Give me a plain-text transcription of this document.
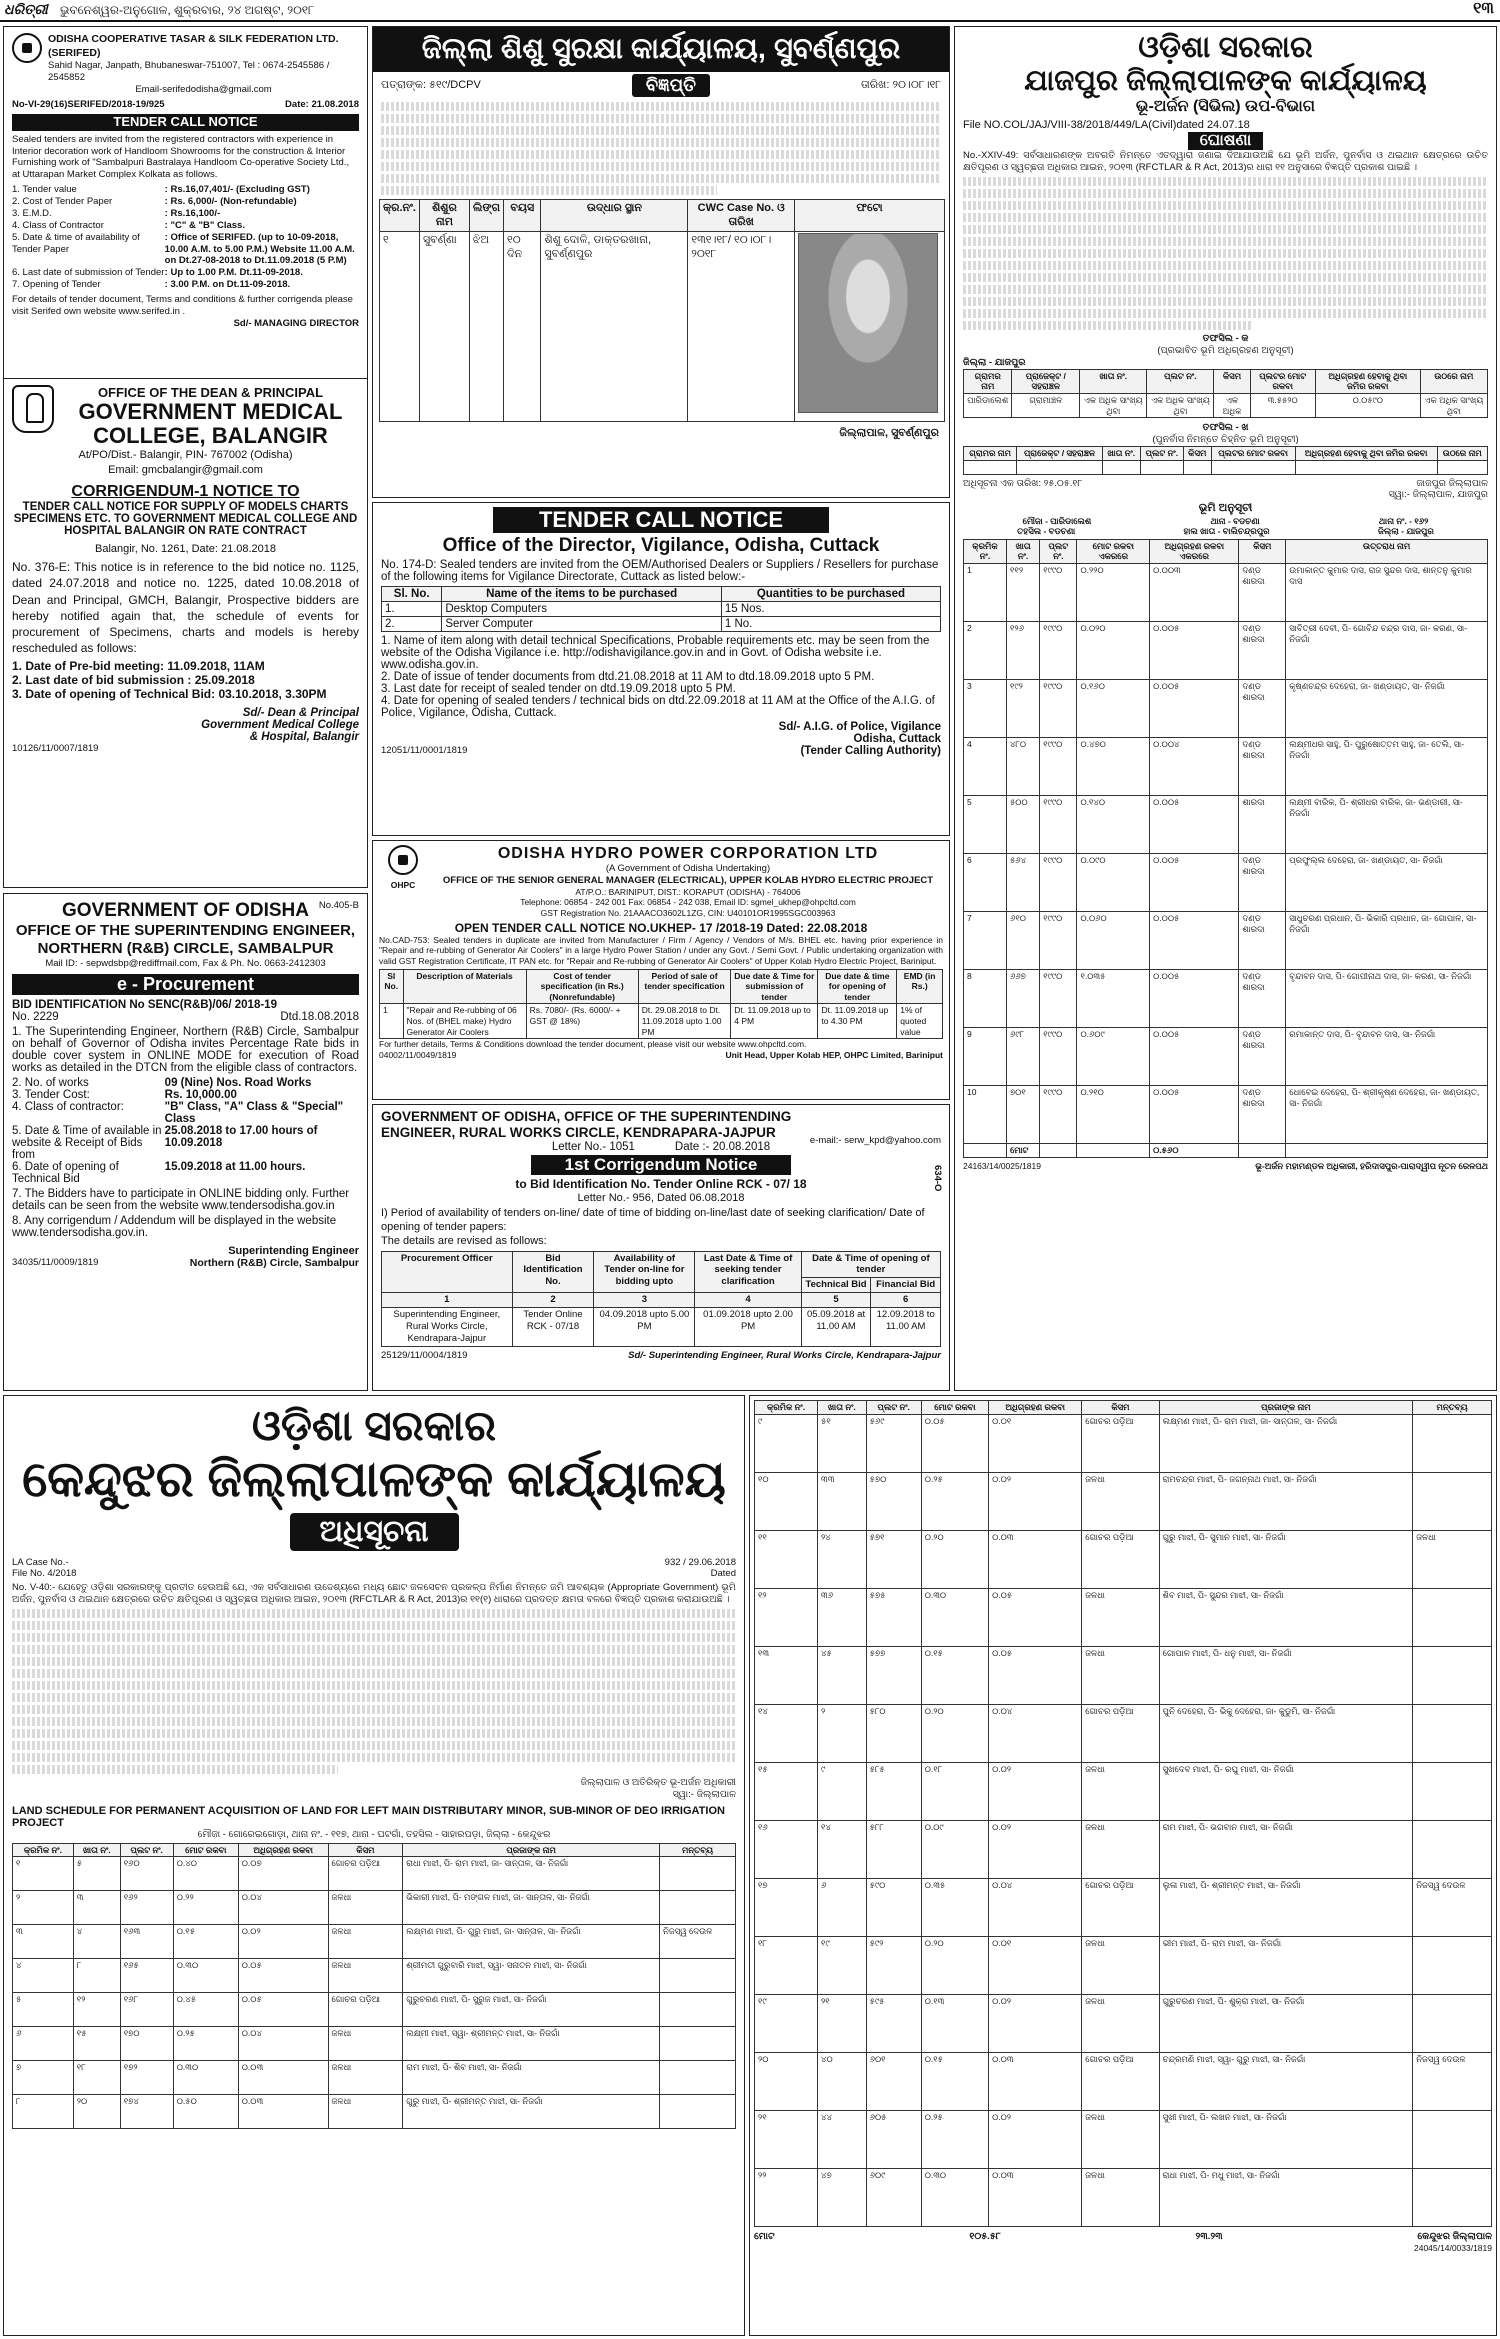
ଧରିତ୍ରୀ ଭୁବନେଶ୍ୱର-ଅନୁଗୋଳ, ଶୁକ୍ରବାର, ୨୪ ଅଗଷ୍ଟ, ୨୦୧୮	୧୩
ODISHA COOPERATIVE TASAR & SILK FEDERATION LTD. (SERIFED)
Sahid Nagar, Janpath, Bhubaneswar-751007, Tel : 0674-2545586 / 2545852
Email-serifedodisha@gmail.com
No-VI-29(16)SERIFED/2018-19/925	Date: 21.08.2018
TENDER CALL NOTICE
Sealed tenders are invited from the registered contractors with experience in Interior decoration work of Handloom Showrooms for the construction & Interior Furnishing work of "Sambalpuri Bastralaya Handloom Co-operative Society Ltd., at Uttarapan Market Complex Kolkata as follows.
1. Tender value	: Rs.16,07,401/- (Excluding GST)
2. Cost of Tender Paper	: Rs. 6,000/- (Non-refundable)
3. E.M.D.	: Rs.16,100/-
4. Class of Contractor	: "C" & "B" Class.
5. Date & time of availability of Tender Paper
: Office of SERIFED. (up to 10-09-2018, 10.00 A.M. to 5.00 P.M.) Website 11.00 A.M. on Dt.27-08-2018 to Dt.11.09.2018 (5 P.M)
6. Last date of submission of Tender : Up to 1.00 P.M. Dt.11-09-2018.
7. Opening of Tender	: 3.00 P.M. on Dt.11-09-2018.
For details of tender document, Terms and conditions & further corrigenda please visit Serifed own website www.serifed.in .
Sd/- MANAGING DIRECTOR
OFFICE OF THE DEAN & PRINCIPAL
GOVERNMENT MEDICAL
COLLEGE, BALANGIR
At/PO/Dist.- Balangir, PIN- 767002 (Odisha)
Email: gmcbalangir@gmail.com
CORRIGENDUM-1 NOTICE TO
TENDER CALL NOTICE FOR SUPPLY OF MODELS CHARTS SPECIMENS ETC. TO GOVERNMENT MEDICAL COLLEGE AND HOSPITAL BALANGIR ON RATE CONTRACT
Balangir, No. 1261, Date: 21.08.2018
No. 376-E: This notice is in reference to the bid notice no. 1125, dated 24.07.2018 and notice no. 1225, dated 10.08.2018 of Dean and Principal, GMCH, Balangir, Prospective bidders are hereby notified again that, the schedule of events for procurement of Specimens, charts and models is hereby rescheduled as follows:
1. Date of Pre-bid meeting: 11.09.2018, 11AM
2. Last date of bid submission : 25.09.2018
3. Date of opening of Technical Bid: 03.10.2018, 3.30PM
Sd/- Dean & Principal
Government Medical College
& Hospital, Balangir
10126/11/0007/1819
No.405-B
GOVERNMENT OF ODISHA
OFFICE OF THE SUPERINTENDING ENGINEER, NORTHERN (R&B) CIRCLE, SAMBALPUR
Mail ID: - sepwdsbp@rediffmail.com, Fax & Ph. No. 0663-2412303
e - Procurement
BID IDENTIFICATION No SENC(R&B)/06/ 2018-19
No. 2229	Dtd.18.08.2018
1. The Superintending Engineer, Northern (R&B) Circle, Sambalpur on behalf of Governor of Odisha invites Percentage Rate bids in double cover system in ONLINE MODE for execution of Road works as detailed in the DTCN from the eligible class of contractors.
2. No. of works	09 (Nine) Nos. Road Works
3. Tender Cost:	Rs. 10,000.00
4. Class of contractor:	"B" Class, "A" Class & "Special" Class
5. Date & Time of available in website & Receipt of Bids from
25.08.2018 to 17.00 hours of 10.09.2018
6. Date of opening of Technical Bid
15.09.2018 at 11.00 hours.
7. The Bidders have to participate in ONLINE bidding only. Further details can be seen from the website www.tendersodisha.gov.in
8. Any corrigendum / Addendum will be displayed in the website www.tendersodisha.gov.in.
Superintending Engineer
34035/11/0009/1819	Northern (R&B) Circle, Sambalpur
ଜିଲ୍ଲା ଶିଶୁ ସୁରକ୍ଷା କାର୍ଯ୍ୟାଳୟ, ସୁବର୍ଣ୍ଣପୁର
ପତ୍ରାଙ୍କ: ୫୧୯/DCPV	ବିଜ୍ଞପ୍ତି	ତାରିଖ: ୨୦।୦୮।୧୮
କ୍ର.ନଂ.	ଶିଶୁର ନାମ	ଲିଙ୍ଗ	ବୟସ	ଉଦ୍ଧାର ସ୍ଥାନ	CWC Case No. ଓ ତାରିଖ	ଫଟୋ
୧	ସୁବର୍ଣ୍ଣା	ଝିଅ	୧୦ ଦିନ	ଶିଶୁ ଦୋଳି, ଡାକ୍ତରଖାନା, ସୁବର୍ଣ୍ଣପୁର	୧୩୧।୧୮/ ୧୦।୦୮।୨୦୧୮	
ଜିଲ୍ଲାପାଳ, ସୁବର୍ଣ୍ଣପୁର
TENDER CALL NOTICE
Office of the Director, Vigilance, Odisha, Cuttack
No. 174-D: Sealed tenders are invited from the OEM/Authorised Dealers or Suppliers / Resellers for purchase of the following items for Vigilance Directorate, Cuttack as listed below:-
Sl. No.	Name of the items to be purchased	Quantities to be purchased
1.	Desktop Computers	15 Nos.
2.	Server Computer	1 No.
1. Name of item along with detail technical Specifications, Probable requirements etc. may be seen from the website of the Odisha Vigilance i.e. http://odishavigilance.gov.in and in Govt. of Odisha website i.e. www.odisha.gov.in.
2. Date of issue of tender documents from dtd.21.08.2018 at 11 AM to dtd.18.09.2018 upto 5 PM.
3. Last date for receipt of sealed tender on dtd.19.09.2018 upto 5 PM.
4. Date for opening of sealed tenders / technical bids on dtd.22.09.2018 at 11 AM at the Office of the A.I.G. of Police, Vigilance, Odisha, Cuttack.
Sd/- A.I.G. of Police, Vigilance
Odisha, Cuttack
12051/11/0001/1819	(Tender Calling Authority)
OHPC
ODISHA HYDRO POWER CORPORATION LTD
(A Government of Odisha Undertaking)
OFFICE OF THE SENIOR GENERAL MANAGER (ELECTRICAL), UPPER KOLAB HYDRO ELECTRIC PROJECT
AT/P.O.: BARINIPUT, DIST.: KORAPUT (ODISHA) - 764006
Telephone: 06854 - 242 001 Fax: 06854 - 242 038, Email ID: sgmel_ukhep@ohpcltd.com
GST Registration No. 21AAACO3602L1ZG, CIN: U40101OR1995SGC003963
OPEN TENDER CALL NOTICE NO.UKHEP- 17 /2018-19 Dated: 22.08.2018
No.CAD-753: Sealed tenders in duplicate are invited from Manufacturer / Firm / Agency / Vendors of M/s. BHEL etc. having prior experience in "Repair and re-rubbing of Generator Air Coolers" in a large Hydro Power Station / under any Govt. / Semi Govt. / Public undertaking organization with valid GST Registration Certificate, IT PAN etc. for "Repair and Re-rubbing of Generator Air Coolers" of Upper Kolab Hydro Electric Project, Bariniput.
Sl No.	Description of Materials	Cost of tender specification (in Rs.) (Nonrefundable)	Period of sale of tender specification	Due date & Time for submission of tender	Due date & time for opening of tender	EMD (in Rs.)
1	"Repair and Re-rubbing of 06 Nos. of (BHEL make) Hydro Generator Air Coolers	Rs. 7080/- (Rs. 6000/- + GST @ 18%)	Dt. 29.08.2018 to Dt. 11.09.2018 upto 1.00 PM	Dt. 11.09.2018 up to 4 PM	Dt. 11.09.2018 up to 4.30 PM	1% of quoted value
For further details, Terms & Conditions download the tender document, please visit our website www.ohpcltd.com.
04002/11/0049/1819	Unit Head, Upper Kolab HEP, OHPC Limited, Bariniput
GOVERNMENT OF ODISHA, OFFICE OF THE SUPERINTENDING ENGINEER, RURAL WORKS CIRCLE, KENDRAPARA-JAJPUR
e-mail:- serw_kpd@yahoo.com
634-O
Letter No.- 1051	Date :- 20.08.2018
1st Corrigendum Notice
to Bid Identification No. Tender Online RCK - 07/ 18
Letter No.- 956, Dated 06.08.2018
I) Period of availability of tenders on-line/ date of time of bidding on-line/last date of seeking clarification/ Date of opening of tender papers:
The details are revised as follows:
Procurement Officer	Bid Identification No.	Availability of Tender on-line for bidding upto	Last Date & Time of seeking tender clarification	Date & Time of opening of tender	
				Technical Bid	Financial Bid
1	2	3	4	5	6
Superintending Engineer, Rural Works Circle, Kendrapara-Jajpur	Tender Online RCK - 07/18	04.09.2018 upto 5.00 PM	01.09.2018 upto 2.00 PM	05.09.2018 at 11.00 AM	12.09.2018 to 11.00 AM
25129/11/0004/1819	Sd/- Superintending Engineer, Rural Works Circle, Kendrapara-Jajpur
ଓଡ଼ିଶା ସରକାର
ଯାଜପୁର ଜିଲ୍ଲାପାଳଙ୍କ କାର୍ଯ୍ୟାଳୟ
ଭୂ-ଅର୍ଜନ (ସିଭିଲ) ଉପ-ବିଭାଗ
File NO.COL/JAJ/VIII-38/2018/449/LA(Civil)dated 24.07.18
ଘୋଷଣା
No.-XXIV-49: ସର୍ବସାଧାରଣଙ୍କ ଅବଗତି ନିମନ୍ତେ ଏତଦ୍ୱାରା ଜଣାଇ ଦିଆଯାଉଅଛି ଯେ ଭୂମି ଅର୍ଜନ, ପୁନର୍ବାସ ଓ ଥଇଥାନ କ୍ଷେତ୍ରରେ ଉଚିତ କ୍ଷତିପୂରଣ ଓ ସ୍ୱଚ୍ଛତା ଅଧିକାର ଆଇନ, ୨୦୧୩ (RFCTLAR & R Act, 2013)ର ଧାରା ୧୧ ଅନୁସାରେ ବିଜ୍ଞପ୍ତି ପ୍ରକାଶ ପାଇଛି ।
ତଫସିଲ - କ
(ପ୍ରଭାବିତ ଭୂମି ଅଧିଗ୍ରହଣ ଅନୁସୂଚୀ)
ଜିଲ୍ଲା - ଯାଜପୁର
ଗ୍ରାମର ନାମ	ପ୍ରାଜେକ୍ଟ / ସହରାଞ୍ଚଳ	ଖାତା ନଂ.	ପ୍ଲଟ ନଂ.	କିସମ	ପ୍ଲଟର ମୋଟ ରକବା	ଅଧିଗ୍ରହଣ ହେବାକୁ ଥିବା ଜମିର ରକବା	ଉଠରେ ନାମ
ପାରିଡାଲେଶ	ଗ୍ରାମାଞ୍ଚଳ	ଏକ ଅଧିକ ସାଂଖ୍ୟ ଥିବା	ଏକ ଅଧିକ ସାଂଖ୍ୟ ଥିବା	ଏକ ଅଧିକ	୩.୫୫୨୦	୦.୦୫୯୦	ଏକ ଅଧିକ ସାଂଖ୍ୟ ଥିବା
ତଫସିଲ - ଖ
(ପୁନର୍ବାସ ନିମନ୍ତେ ଚିହ୍ନିତ ଭୂମି ଅନୁସୂଚୀ)
ଗ୍ରାମର ନାମ	ପ୍ରାଜେକ୍ଟ / ସହରାଞ୍ଚଳ	ଖାତା ନଂ.	ପ୍ଲଟ ନଂ.	କିସମ	ପ୍ଲଟର ମୋଟ ରକବା	ଅଧିଗ୍ରହଣ ହେବାକୁ ଥିବା ଜମିର ରକବା	ଉଠରେ ନାମ

ଅଧିସୂଚନା ଏକ ତାରିଖ: ୨୫.୦୫.୧୮	ଜାଜପୁର ଜିଲ୍ଲାପାଳ
ସ୍ୱା:- ଜିଲ୍ଲାପାଳ, ଯାଜପୁର
ଭୂମି ଅନୁସୂଚୀ
ମୌଜା - ପାରିଡାଲେଶ	ଥାନା - ବଡଚଣା	ଥାନା ନଂ. - ୧୬୨
ତହସିଲ - ବଡଚଣା	ହାଲ ଖାତା - ବାଲିଚନ୍ଦ୍ରପୁର	ଜିଲ୍ଲା - ଯାଜପୁର
କ୍ରମିକ ନଂ.	ଖାତା ନଂ.	ପ୍ଲଟ ନଂ.	ମୋଟ ରକବା ଏକରରେ	ଅଧିଗ୍ରହଣ ରକବା ଏକରରେ	କିସମ	ଉତ୍ତରାଧ ନାମ
1	୧୧୨	୧୯୯୦	୦.୨୨୦	୦.୦୦୩	ଦଣ୍ଡ ଶାରଦା	ଉମାକାନ୍ତ କୁମାର ଦାସ, ରାଜ ସୁନ୍ଦର ଦାସ, ଶାନ୍ତନୁ କୁମାର ଦାସ
2	୧୨୬	୧୯୯୦	୦.୦୨୦	୦.୦୦୫	ଦଣ୍ଡ ଶାରଦା	ସାବିତ୍ରୀ ଦେବୀ, ପି- ଗୋବିନ୍ଦ ଚନ୍ଦ୍ର ଦାସ, ଜା- କରଣ, ସା- ନିଜଗାଁ
3	୧୯୨	୧୯୯୦	୦.୧୬୦	୦.୦୦୫	ଦଣ୍ଡ ଶାରଦା	କୃଷ୍ଣଚନ୍ଦ୍ର ଦେହେରା, ଜା- ଖଣ୍ଡାୟତ, ସା- ନିଜଗାଁ
4	୪୮୦	୧୯୯୦	୦.୪୭୦	୦.୦୦୪	ଦଣ୍ଡ ଶାରଦା	ଲକ୍ଷ୍ମୀଧର ସାହୁ, ପି- ପୁରୁଷୋତ୍ତମ ସାହୁ, ଜା- ତେଲି, ସା- ନିଜଗାଁ
5	୫୦୦	୧୯୯୦	୦.୧୪୦	୦.୦୦୫	ଶାରଦା	ଲକ୍ଷ୍ମୀ ବାରିକ, ପି- ଶ୍ରୀଧର ବାରିକ, ଜା- ଭଣ୍ଡାରୀ, ସା- ନିଜଗାଁ
6	୫୬୪	୧୯୯୦	୦.୦୯୦	୦.୦୦୫	ଦଣ୍ଡ ଶାରଦା	ପ୍ରଫୁଲ୍ଲ ଦେହେରା, ଜା- ଖଣ୍ଡାୟତ, ସା- ନିଜଗାଁ
7	୬୧୦	୧୯୯୦	୦.୦୬୦	୦.୦୦୫	ଦଣ୍ଡ ଶାରଦା	ସାଧୁଚରଣ ପ୍ରଧାନ, ପି- ଭିକାରି ପ୍ରଧାନ, ଜା- ଗୋପାଳ, ସା- ନିଜଗାଁ
8	୬୬୭	୧୯୯୦	୧.୦୩୫	୦.୦୦୫	ଦଣ୍ଡ ଶାରଦା	ବୃନ୍ଦାବନ ଦାସ, ପି- ଗୋପୀନାଥ ଦାସ, ଜା- କରଣ, ସା- ନିଜଗାଁ
9	୬୯୮	୧୯୯୦	୦.୬୦୯	୦.୦୦୫	ଦଣ୍ଡ ଶାରଦା	ରମାକାନ୍ତ ଦାସ, ପି- ବୃନ୍ଦାବନ ଦାସ, ସା- ନିଜଗାଁ
10	୭୦୧	୧୯୯୦	୦.୨୧୦	୦.୦୦୫	ଦଣ୍ଡ ଶାରଦା	ଧୋବେଇ ଦେହେରା, ପି- ଶ୍ରୀକୃଷ୍ଣ ଦେହେରା, ଜା- ଖଣ୍ଡାୟତ, ସା- ନିଜଗାଁ
	ମୋଟ			୦.୫୬୦		
24163/14/0025/1819	ଭୂ-ଅର୍ଜନ ମହାମଣ୍ଡଳ ଅଧିକାରୀ, ହରିଦାସପୁର-ପାରାଦ୍ୱୀପ ନୂତନ ରେଳପଥ
ଓଡ଼ିଶା ସରକାର
କେନ୍ଦୁଝର ଜିଲ୍ଲାପାଳଙ୍କ କାର୍ଯ୍ୟାଳୟ
ଅଧିସୂଚନା
LA Case No.-	932 / 29.06.2018
File No. 4/2018	Dated
No. V-40:- ଯେହେତୁ ଓଡ଼ିଶା ସରକାରଙ୍କୁ ପ୍ରତୀତ ହେଉଅଛି ଯେ, ଏକ ସର୍ବସାଧାରଣ ଉଦ୍ଦେଶ୍ୟରେ ମଧ୍ୟ ଛୋଟ ଜଳସେଚନ ପ୍ରକଳ୍ପ ନିର୍ମାଣ ନିମନ୍ତେ ଜମି ଆବଶ୍ୟକ (Appropriate Government) ଭୂମି ଅର୍ଜନ, ପୁନର୍ବାସ ଓ ଥଇଥାନ କ୍ଷେତ୍ରରେ ଉଚିତ କ୍ଷତିପୂରଣ ଓ ସ୍ୱଚ୍ଛତା ଅଧିକାର ଆଇନ, ୨୦୧୩ (RFCTLAR & R Act, 2013)ର ୧୧(୧) ଧାରାରେ ପ୍ରଦତ୍ତ କ୍ଷମତା ବଳରେ ବିଜ୍ଞପ୍ତି ପ୍ରକାଶ କରାଯାଉଅଛି ।
ଜିଲ୍ଲାପାଳ ଓ ଅତିରିକ୍ତ ଭୂ-ଅର୍ଜନ ଅଧିକାରୀ
ସ୍ୱା:- ଜିଲ୍ଲାପାଳ
LAND SCHEDULE FOR PERMANENT ACQUISITION OF LAND FOR LEFT MAIN DISTRIBUTARY MINOR, SUB-MINOR OF DEO IRRIGATION PROJECT
ମୌଜା - ଗୋରେଇଗୋଡ଼ା, ଥାନା ନଂ. - ୧୧୭, ଥାନା - ଘଟଗାଁ, ତହସିଲ - ସାହାରପଡ଼ା, ଜିଲ୍ଲା - କେନ୍ଦୁଝର
କ୍ରମିକ ନଂ.	ଖାତା ନଂ.	ପ୍ଲଟ ନଂ.	ମୋଟ ରକବା	ଅଧିଗ୍ରହଣ ରକବା	କିସମ	ପ୍ରଜାଙ୍କ ନାମ	ମନ୍ତବ୍ୟ
୧	୫	୧୬୦	୦.୪୦	୦.୦୭	ଗୋଚର ପଡ଼ିଆ	ରାଧା ମାଝୀ, ପି- ରାମ ମାଝୀ, ଜା- ସାନ୍ତାଳ, ସା- ନିଜଗାଁ	
୨	୩	୧୬୨	୦.୨୨	୦.୦୪	ଜଳଧା	ଭିକାରୀ ମାଝୀ, ପି- ମଙ୍ଗଳ ମାଝୀ, ଜା- ସାନ୍ତାଳ, ସା- ନିଜଗାଁ	
୩	୪	୧୬୩	୦.୧୫	୦.୦୨	ଜଳଧା	ଲକ୍ଷ୍ମଣ ମାଝୀ, ପି- ଗୁରୁ ମାଝୀ, ଜା- ସାନ୍ତାଳ, ସା- ନିଜଗାଁ	ନିଜସ୍ୱ ଦେଉଳ
୪	୮	୧୬୫	୦.୩୦	୦.୦୫	ଜଳଧା	ଶ୍ରୀମତୀ ଗୁରୁବାରି ମାଝୀ, ସ୍ୱା- ସନାତନ ମାଝୀ, ସା- ନିଜଗାଁ	
୫	୧୨	୧୬୮	୦.୪୫	୦.୦୫	ଗୋଚର ପଡ଼ିଆ	ଗୁରୁଚରଣ ମାଝୀ, ପି- ସୁରୁଜ ମାଝୀ, ସା- ନିଜଗାଁ	
୬	୧୫	୧୭୦	୦.୨୫	୦.୦୪	ଜଳଧା	ଲକ୍ଷ୍ମୀ ମାଝୀ, ସ୍ୱା- ଶ୍ରୀମନ୍ତ ମାଝୀ, ସା- ନିଜଗାଁ	
୭	୧୮	୧୭୨	୦.୩୦	୦.୦୩	ଜଳଧା	ରାମ ମାଝୀ, ପି- ଶିବ ମାଝୀ, ସା- ନିଜଗାଁ	
୮	୨୦	୧୭୪	୦.୫୦	୦.୦୩	ଜଳଧା	ଗୁରୁ ମାଝୀ, ପି- ଶ୍ରୀମନ୍ତ ମାଝୀ, ସା- ନିଜଗାଁ	
କ୍ରମିକ ନଂ.	ଖାତା ନଂ.	ପ୍ଲଟ ନଂ.	ମୋଟ ରକବା	ଅଧିଗ୍ରହଣ ରକବା	କିସମ	ପ୍ରଜାଙ୍କ ନାମ	ମନ୍ତବ୍ୟ
୯	୫୧	୫୬୯	୦.୦୫	୦.୦୧	ଗୋଚର ପଡ଼ିଆ	ଲକ୍ଷ୍ମଣ ମାଝୀ, ପି- ରାମ ମାଝୀ, ଜା- ସାନ୍ତାଳ, ସା- ନିଜଗାଁ	
୧୦	୩୩	୫୭୦	୦.୨୫	୦.୦୨	ଜଳଧା	ରାମଚନ୍ଦ୍ର ମାଝୀ, ପି- ଜଗନ୍ନାଥ ମାଝୀ, ସା- ନିଜଗାଁ	
୧୧	୨୪	୫୭୧	୦.୨୦	୦.୦୩	ଗୋଚର ପଡ଼ିଆ	ଗୁରୁ ମାଝୀ, ପି- ସୁମାନ ମାଝୀ, ସା- ନିଜଗାଁ	ଜଳଧା
୧୨	୩୬	୫୭୫	୦.୩୦	୦.୦୫	ଜଳଧା	ଶିବ ମାଝୀ, ପି- ସୁନ୍ଦର ମାଝୀ, ସା- ନିଜଗାଁ	
୧୩	୪୫	୫୭୭	୦.୧୫	୦.୦୫	ଜଳଧା	ଗୋପାଳ ମାଝୀ, ପି- ଧନୁ ମାଝୀ, ସା- ନିଜଗାଁ	
୧୪	୨	୫୮୦	୦.୨୦	୦.୦୪	ଗୋଚର ପଡ଼ିଆ	ପୁନି ଦେହେରା, ପି- ଭିକୁ ଦେହେରା, ଜା- କୁଡୁମି, ସା- ନିଜଗାଁ	
୧୫	୯	୫୮୫	୦.୧୮	୦.୦୨	ଜଳଧା	ସୁଖଦେବ ମାଝୀ, ପି- ରଘୁ ମାଝୀ, ସା- ନିଜଗାଁ	
୧୬	୧୪	୫୮୮	୦.୦୯	୦.୦୨	ଜଳଧା	ରାମ ମାଝୀ, ପି- ଭଗବାନ ମାଝୀ, ସା- ନିଜଗାଁ	
୧୭	୬	୫୯୦	୦.୩୫	୦.୦୪	ଗୋଚର ପଡ଼ିଆ	ଲୁଳା ମାଝୀ, ପି- ଶ୍ରୀମନ୍ତ ମାଝୀ, ସା- ନିଜଗାଁ	ନିଜସ୍ୱ ଦେଉଳ
୧୮	୧୯	୫୯୨	୦.୨୦	୦.୦୧	ଜଳଧା	ଭୀମ ମାଝୀ, ପି- ରାମ ମାଝୀ, ସା- ନିଜଗାଁ	
୧୯	୨୧	୫୯୫	୦.୧୩	୦.୦୨	ଜଳଧା	ଗୁରୁଚରଣ ମାଝୀ, ପି- ଶୁକ୍ରା ମାଝୀ, ସା- ନିଜଗାଁ	
୨୦	୪୦	୬୦୧	୦.୧୫	୦.୦୩	ଗୋଚର ପଡ଼ିଆ	ଚନ୍ଦ୍ରମଣି ମାଝୀ, ସ୍ୱା- ଗୁରୁ ମାଝୀ, ସା- ନିଜଗାଁ	ନିଜସ୍ୱ ଦେଉଳ
୨୧	୪୪	୬୦୫	୦.୨୫	୦.୦୨	ଜଳଧା	ସୁଖୀ ମାଝୀ, ପି- ଲଖନ ମାଝୀ, ସା- ନିଜଗାଁ	
୨୨	୪୭	୬୦୯	୦.୩୦	୦.୦୩	ଜଳଧା	ରାଧା ମାଝୀ, ପି- ମଧୁ ମାଝୀ, ସା- ନିଜଗାଁ	
ମୋଟ	୧୦୫.୫୮	୨୩.୨୩	କେନ୍ଦୁଝର ଜିଲ୍ଲାପାଳ
24045/14/0033/1819
